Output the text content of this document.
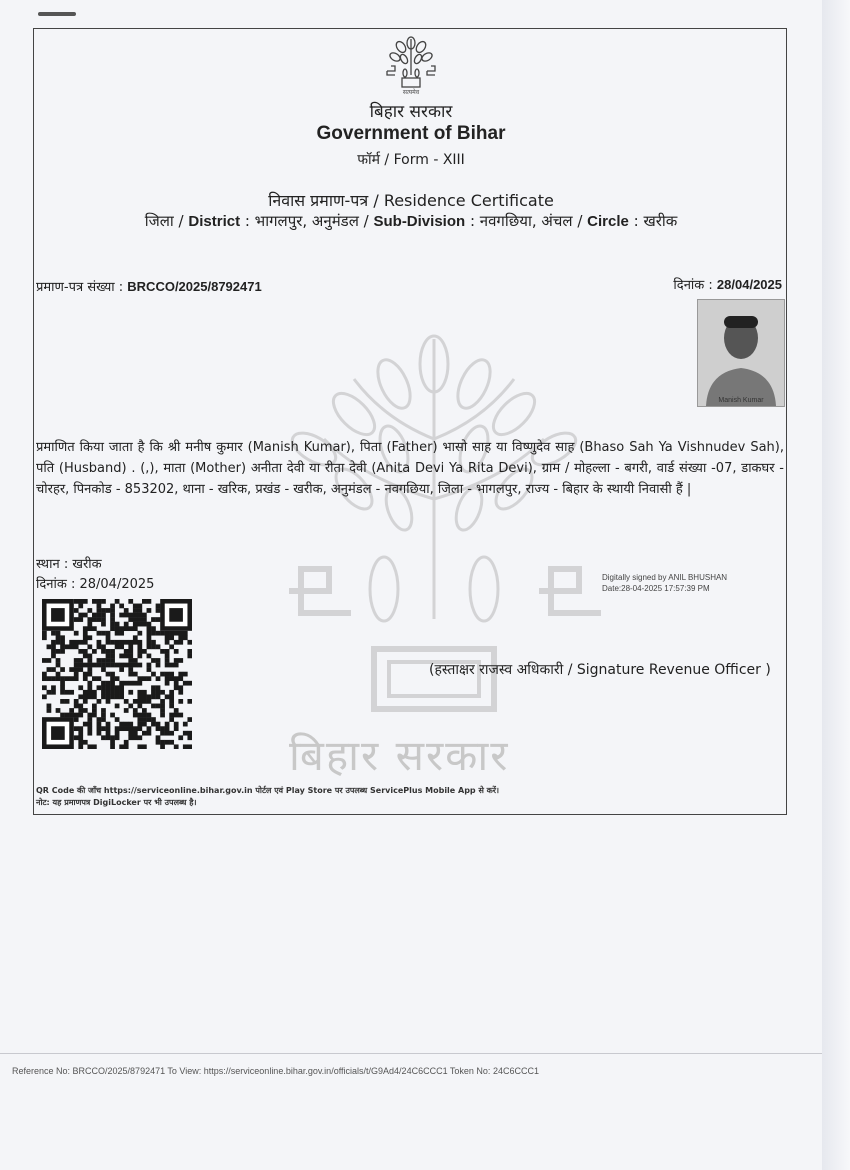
सत्यमेव
बिहार सरकार
बिहार सरकार
Government of Bihar
फॉर्म / Form - XIII
निवास प्रमाण-पत्र / Residence Certificate
जिला / District : भागलपुर, अनुमंडल / Sub-Division : नवगछिया, अंचल / Circle : खरीक
प्रमाण-पत्र संख्या : BRCCO/2025/8792471	दिनांक : 28/04/2025
Manish Kumar
प्रमाणित किया जाता है कि श्री मनीष कुमार (Manish Kumar), पिता (Father) भासो साह या विष्णुदेव साह (Bhaso Sah Ya Vishnudev Sah), पति (Husband) . (,), माता (Mother) अनीता देवी या रीता देवी (Anita Devi Ya Rita Devi), ग्राम / मोहल्ला - बगरी, वार्ड संख्या -07, डाकघर - चोरहर, पिनकोड - 853202, थाना - खरिक, प्रखंड - खरीक, अनुमंडल - नवगछिया, जिला - भागलपुर, राज्य - बिहार के स्थायी निवासी हैं |
स्थान : खरीक
दिनांक : 28/04/2025	Digitally signed by ANIL BHUSHAN
Date:28-04-2025 17:57:39 PM
(हस्ताक्षर राजस्व अधिकारी / Signature Revenue Officer )
QR Code की जाँच https://serviceonline.bihar.gov.in पोर्टल एवं Play Store पर उपलब्ध ServicePlus Mobile App से करें।
नोट: यह प्रमाणपत्र DigiLocker पर भी उपलब्ध है।
Reference No: BRCCO/2025/8792471 To View: https://serviceonline.bihar.gov.in/officials/t/G9Ad4/24C6CCC1 Token No: 24C6CCC1
